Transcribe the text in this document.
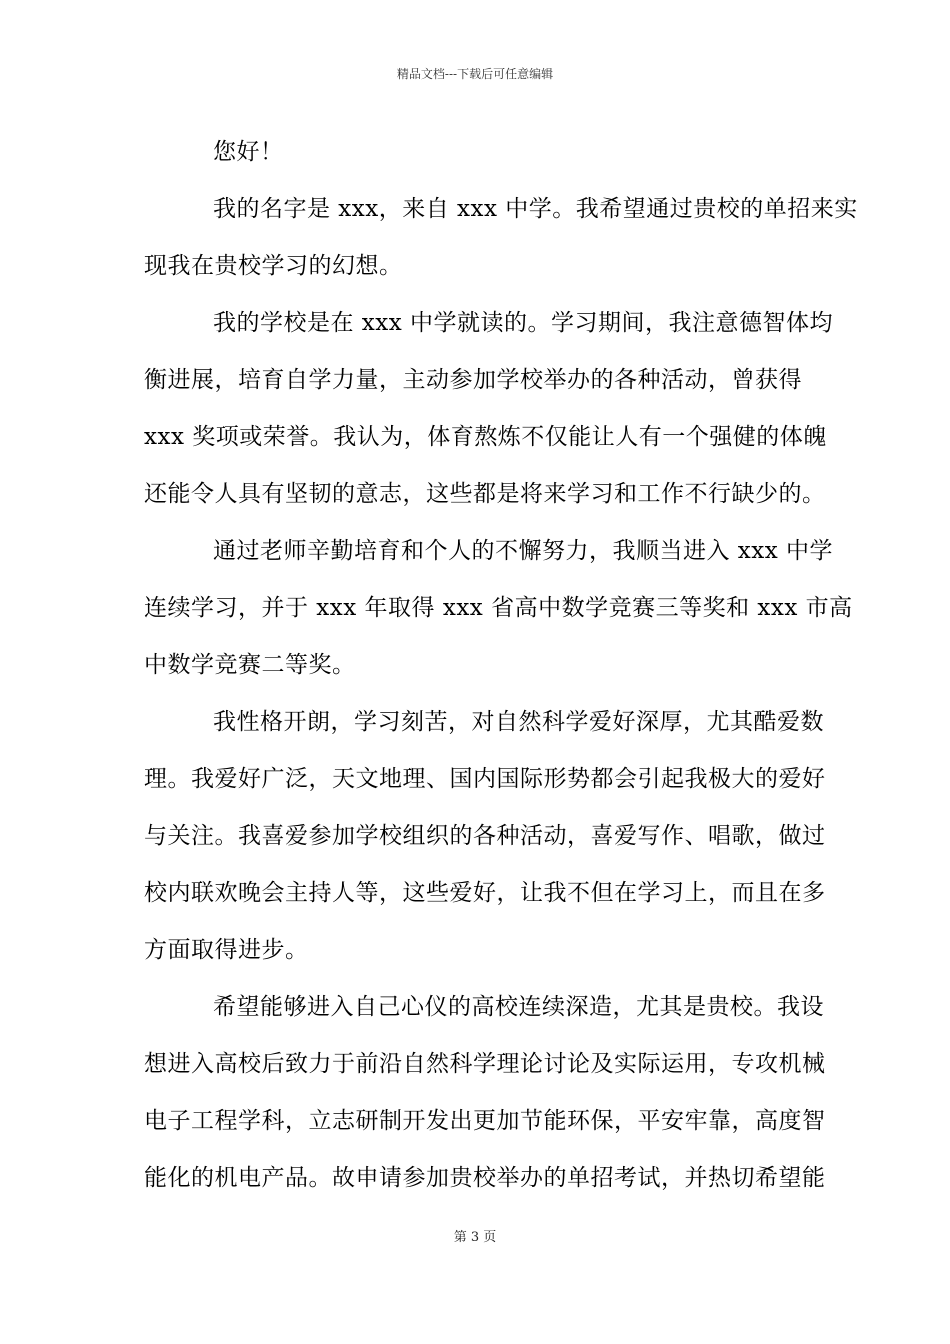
精品文档---下载后可任意编辑
您好！
我的名字是 xxx，来自 xxx 中学。我希望通过贵校的单招来实
现我在贵校学习的幻想。
我的学校是在 xxx 中学就读的。学习期间，我注意德智体均
衡进展，培育自学力量，主动参加学校举办的各种活动，曾获得
xxx 奖项或荣誉。我认为，体育熬炼不仅能让人有一个强健的体魄
还能令人具有坚韧的意志，这些都是将来学习和工作不行缺少的。
通过老师辛勤培育和个人的不懈努力，我顺当进入 xxx 中学
连续学习，并于 xxx 年取得 xxx 省高中数学竞赛三等奖和 xxx 市高
中数学竞赛二等奖。
我性格开朗，学习刻苦，对自然科学爱好深厚，尤其酷爱数
理。我爱好广泛，天文地理、国内国际形势都会引起我极大的爱好
与关注。我喜爱参加学校组织的各种活动，喜爱写作、唱歌，做过
校内联欢晚会主持人等，这些爱好，让我不但在学习上，而且在多
方面取得进步。
希望能够进入自己心仪的高校连续深造，尤其是贵校。我设
想进入高校后致力于前沿自然科学理论讨论及实际运用，专攻机械
电子工程学科，立志研制开发出更加节能环保，平安牢靠，高度智
能化的机电产品。故申请参加贵校举办的单招考试，并热切希望能
第 3 页
